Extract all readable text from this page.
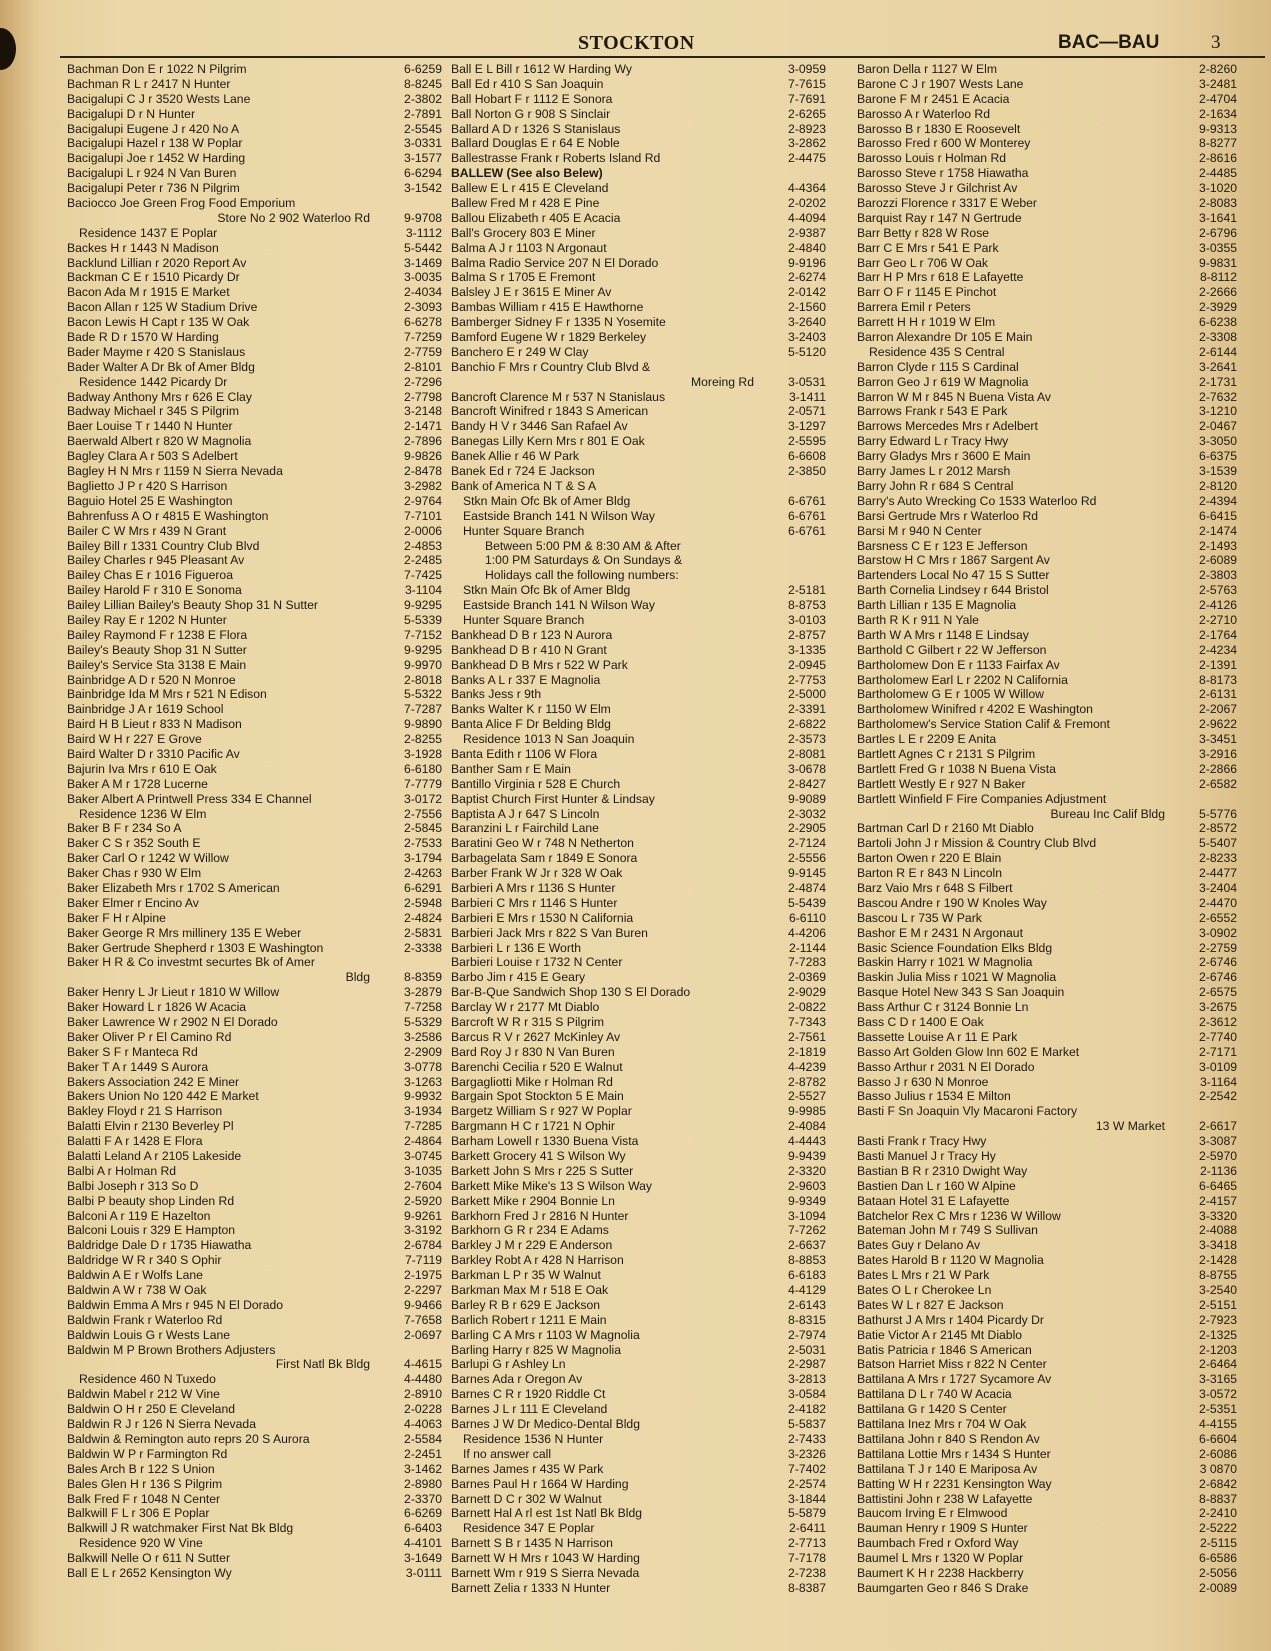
STOCKTON	BAC—BAU	3
Bachman Don E r 1022 N Pilgrim	6-6259
Bachman R L r 2417 N Hunter	8-8245
Bacigalupi C J r 3520 Wests Lane	2-3802
Bacigalupi D r N Hunter	2-7891
Bacigalupi Eugene J r 420 No A	2-5545
Bacigalupi Hazel r 138 W Poplar	3-0331
Bacigalupi Joe r 1452 W Harding	3-1577
Bacigalupi L r 924 N Van Buren	6-6294
Bacigalupi Peter r 736 N Pilgrim	3-1542
Baciocco Joe Green Frog Food Emporium
Store No 2 902 Waterloo Rd	9-9708
Residence 1437 E Poplar	3-1112
Backes H r 1443 N Madison	5-5442
Backlund Lillian r 2020 Report Av	3-1469
Backman C E r 1510 Picardy Dr	3-0035
Bacon Ada M r 1915 E Market	2-4034
Bacon Allan r 125 W Stadium Drive	2-3093
Bacon Lewis H Capt r 135 W Oak	6-6278
Bade R D r 1570 W Harding	7-7259
Bader Mayme r 420 S Stanislaus	2-7759
Bader Walter A Dr Bk of Amer Bldg	2-8101
Residence 1442 Picardy Dr	2-7296
Badway Anthony Mrs r 626 E Clay	2-7798
Badway Michael r 345 S Pilgrim	3-2148
Baer Louise T r 1440 N Hunter	2-1471
Baerwald Albert r 820 W Magnolia	2-7896
Bagley Clara A r 503 S Adelbert	9-9826
Bagley H N Mrs r 1159 N Sierra Nevada	2-8478
Baglietto J P r 420 S Harrison	3-2982
Baguio Hotel 25 E Washington	2-9764
Bahrenfuss A O r 4815 E Washington	7-7101
Bailer C W Mrs r 439 N Grant	2-0006
Bailey Bill r 1331 Country Club Blvd	2-4853
Bailey Charles r 945 Pleasant Av	2-2485
Bailey Chas E r 1016 Figueroa	7-7425
Bailey Harold F r 310 E Sonoma	3-1104
Bailey Lillian Bailey's Beauty Shop 31 N Sutter	9-9295
Bailey Ray E r 1202 N Hunter	5-5339
Bailey Raymond F r 1238 E Flora	7-7152
Bailey's Beauty Shop 31 N Sutter	9-9295
Bailey's Service Sta 3138 E Main	9-9970
Bainbridge A D r 520 N Monroe	2-8018
Bainbridge Ida M Mrs r 521 N Edison	5-5322
Bainbridge J A r 1619 School	7-7287
Baird H B Lieut r 833 N Madison	9-9890
Baird W H r 227 E Grove	2-8255
Baird Walter D r 3310 Pacific Av	3-1928
Bajurin Iva Mrs r 610 E Oak	6-6180
Baker A M r 1728 Lucerne	7-7779
Baker Albert A Printwell Press 334 E Channel	3-0172
Residence 1236 W Elm	2-7556
Baker B F r 234 So A	2-5845
Baker C S r 352 South E	2-7533
Baker Carl O r 1242 W Willow	3-1794
Baker Chas r 930 W Elm	2-4263
Baker Elizabeth Mrs r 1702 S American	6-6291
Baker Elmer r Encino Av	2-5948
Baker F H r Alpine	2-4824
Baker George R Mrs millinery 135 E Weber	2-5831
Baker Gertrude Shepherd r 1303 E Washington	2-3338
Baker H R & Co investmt securtes Bk of Amer
Bldg	8-8359
Baker Henry L Jr Lieut r 1810 W Willow	3-2879
Baker Howard L r 1826 W Acacia	7-7258
Baker Lawrence W r 2902 N El Dorado	5-5329
Baker Oliver P r El Camino Rd	3-2586
Baker S F r Manteca Rd	2-2909
Baker T A r 1449 S Aurora	3-0778
Bakers Association 242 E Miner	3-1263
Bakers Union No 120 442 E Market	9-9932
Bakley Floyd r 21 S Harrison	3-1934
Balatti Elvin r 2130 Beverley Pl	7-7285
Balatti F A r 1428 E Flora	2-4864
Balatti Leland A r 2105 Lakeside	3-0745
Balbi A r Holman Rd	3-1035
Balbi Joseph r 313 So D	2-7604
Balbi P beauty shop Linden Rd	2-5920
Balconi A r 119 E Hazelton	9-9261
Balconi Louis r 329 E Hampton	3-3192
Baldridge Dale D r 1735 Hiawatha	2-6784
Baldridge W R r 340 S Ophir	7-7119
Baldwin A E r Wolfs Lane	2-1975
Baldwin A W r 738 W Oak	2-2297
Baldwin Emma A Mrs r 945 N El Dorado	9-9466
Baldwin Frank r Waterloo Rd	7-7658
Baldwin Louis G r Wests Lane	2-0697
Baldwin M P Brown Brothers Adjusters
First Natl Bk Bldg	4-4615
Residence 460 N Tuxedo	4-4480
Baldwin Mabel r 212 W Vine	2-8910
Baldwin O H r 250 E Cleveland	2-0228
Baldwin R J r 126 N Sierra Nevada	4-4063
Baldwin & Remington auto reprs 20 S Aurora	2-5584
Baldwin W P r Farmington Rd	2-2451
Bales Arch B r 122 S Union	3-1462
Bales Glen H r 136 S Pilgrim	2-8980
Balk Fred F r 1048 N Center	2-3370
Balkwill F L r 306 E Poplar	6-6269
Balkwill J R watchmaker First Nat Bk Bldg	6-6403
Residence 920 W Vine	4-4101
Balkwill Nelle O r 611 N Sutter	3-1649
Ball E L r 2652 Kensington Wy	3-0111
Ball E L Bill r 1612 W Harding Wy	3-0959
Ball Ed r 410 S San Joaquin	7-7615
Ball Hobart F r 1112 E Sonora	7-7691
Ball Norton G r 908 S Sinclair	2-6265
Ballard A D r 1326 S Stanislaus	2-8923
Ballard Douglas E r 64 E Noble	3-2862
Ballestrasse Frank r Roberts Island Rd	2-4475
BALLEW (See also Belew)
Ballew E L r 415 E Cleveland	4-4364
Ballew Fred M r 428 E Pine	2-0202
Ballou Elizabeth r 405 E Acacia	4-4094
Ball's Grocery 803 E Miner	2-9387
Balma A J r 1103 N Argonaut	2-4840
Balma Radio Service 207 N El Dorado	9-9196
Balma S r 1705 E Fremont	2-6274
Balsley J E r 3615 E Miner Av	2-0142
Bambas William r 415 E Hawthorne	2-1560
Bamberger Sidney F r 1335 N Yosemite	3-2640
Bamford Eugene W r 1829 Berkeley	3-2403
Banchero E r 249 W Clay	5-5120
Banchio F Mrs r Country Club Blvd &
Moreing Rd	3-0531
Bancroft Clarence M r 537 N Stanislaus	3-1411
Bancroft Winifred r 1843 S American	2-0571
Bandy H V r 3446 San Rafael Av	3-1297
Banegas Lilly Kern Mrs r 801 E Oak	2-5595
Banek Allie r 46 W Park	6-6608
Banek Ed r 724 E Jackson	2-3850
Bank of America N T & S A
Stkn Main Ofc Bk of Amer Bldg	6-6761
Eastside Branch 141 N Wilson Way	6-6761
Hunter Square Branch	6-6761
Between 5:00 PM & 8:30 AM & After
1:00 PM Saturdays & On Sundays &
Holidays call the following numbers:
Stkn Main Ofc Bk of Amer Bldg	2-5181
Eastside Branch 141 N Wilson Way	8-8753
Hunter Square Branch	3-0103
Bankhead D B r 123 N Aurora	2-8757
Bankhead D B r 410 N Grant	3-1335
Bankhead D B Mrs r 522 W Park	2-0945
Banks A L r 337 E Magnolia	2-7753
Banks Jess r 9th	2-5000
Banks Walter K r 1150 W Elm	2-3391
Banta Alice F Dr Belding Bldg	2-6822
Residence 1013 N San Joaquin	2-3573
Banta Edith r 1106 W Flora	2-8081
Banther Sam r E Main	3-0678
Bantillo Virginia r 528 E Church	2-8427
Baptist Church First Hunter & Lindsay	9-9089
Baptista A J r 647 S Lincoln	2-3032
Baranzini L r Fairchild Lane	2-2905
Baratini Geo W r 748 N Netherton	2-7124
Barbagelata Sam r 1849 E Sonora	2-5556
Barber Frank W Jr r 328 W Oak	9-9145
Barbieri A Mrs r 1136 S Hunter	2-4874
Barbieri C Mrs r 1146 S Hunter	5-5439
Barbieri E Mrs r 1530 N California	6-6110
Barbieri Jack Mrs r 822 S Van Buren	4-4206
Barbieri L r 136 E Worth	2-1144
Barbieri Louise r 1732 N Center	7-7283
Barbo Jim r 415 E Geary	2-0369
Bar-B-Que Sandwich Shop 130 S El Dorado	2-9029
Barclay W r 2177 Mt Diablo	2-0822
Barcroft W R r 315 S Pilgrim	7-7343
Barcus R V r 2627 McKinley Av	2-7561
Bard Roy J r 830 N Van Buren	2-1819
Barenchi Cecilia r 520 E Walnut	4-4239
Bargagliotti Mike r Holman Rd	2-8782
Bargain Spot Stockton 5 E Main	2-5527
Bargetz William S r 927 W Poplar	9-9985
Bargmann H C r 1721 N Ophir	2-4084
Barham Lowell r 1330 Buena Vista	4-4443
Barkett Grocery 41 S Wilson Wy	9-9439
Barkett John S Mrs r 225 S Sutter	2-3320
Barkett Mike Mike's 13 S Wilson Way	2-9603
Barkett Mike r 2904 Bonnie Ln	9-9349
Barkhorn Fred J r 2816 N Hunter	3-1094
Barkhorn G R r 234 E Adams	7-7262
Barkley J M r 229 E Anderson	2-6637
Barkley Robt A r 428 N Harrison	8-8853
Barkman L P r 35 W Walnut	6-6183
Barkman Max M r 518 E Oak	4-4129
Barley R B r 629 E Jackson	2-6143
Barlich Robert r 1211 E Main	8-8315
Barling C A Mrs r 1103 W Magnolia	2-7974
Barling Harry r 825 W Magnolia	2-5031
Barlupi G r Ashley Ln	2-2987
Barnes Ada r Oregon Av	3-2813
Barnes C R r 1920 Riddle Ct	3-0584
Barnes J L r 111 E Cleveland	2-4182
Barnes J W Dr Medico-Dental Bldg	5-5837
Residence 1536 N Hunter	2-7433
If no answer call	3-2326
Barnes James r 435 W Park	7-7402
Barnes Paul H r 1664 W Harding	2-2574
Barnett D C r 302 W Walnut	3-1844
Barnett Hal A rl est 1st Natl Bk Bldg	5-5879
Residence 347 E Poplar	2-6411
Barnett S B r 1435 N Harrison	2-7713
Barnett W H Mrs r 1043 W Harding	7-7178
Barnett Wm r 919 S Sierra Nevada	2-7238
Barnett Zelia r 1333 N Hunter	8-8387
Baron Della r 1127 W Elm	2-8260
Barone C J r 1907 Wests Lane	3-2481
Barone F M r 2451 E Acacia	2-4704
Barosso A r Waterloo Rd	2-1634
Barosso B r 1830 E Roosevelt	9-9313
Barosso Fred r 600 W Monterey	8-8277
Barosso Louis r Holman Rd	2-8616
Barosso Steve r 1758 Hiawatha	2-4485
Barosso Steve J r Gilchrist Av	3-1020
Barozzi Florence r 3317 E Weber	2-8083
Barquist Ray r 147 N Gertrude	3-1641
Barr Betty r 828 W Rose	2-6796
Barr C E Mrs r 541 E Park	3-0355
Barr Geo L r 706 W Oak	9-9831
Barr H P Mrs r 618 E Lafayette	8-8112
Barr O F r 1145 E Pinchot	2-2666
Barrera Emil r Peters	2-3929
Barrett H H r 1019 W Elm	6-6238
Barron Alexandre Dr 105 E Main	2-3308
Residence 435 S Central	2-6144
Barron Clyde r 115 S Cardinal	3-2641
Barron Geo J r 619 W Magnolia	2-1731
Barron W M r 845 N Buena Vista Av	2-7632
Barrows Frank r 543 E Park	3-1210
Barrows Mercedes Mrs r Adelbert	2-0467
Barry Edward L r Tracy Hwy	3-3050
Barry Gladys Mrs r 3600 E Main	6-6375
Barry James L r 2012 Marsh	3-1539
Barry John R r 684 S Central	2-8120
Barry's Auto Wrecking Co 1533 Waterloo Rd	2-4394
Barsi Gertrude Mrs r Waterloo Rd	6-6415
Barsi M r 940 N Center	2-1474
Barsness C E r 123 E Jefferson	2-1493
Barstow H C Mrs r 1867 Sargent Av	2-6089
Bartenders Local No 47 15 S Sutter	2-3803
Barth Cornelia Lindsey r 644 Bristol	2-5763
Barth Lillian r 135 E Magnolia	2-4126
Barth R K r 911 N Yale	2-2710
Barth W A Mrs r 1148 E Lindsay	2-1764
Barthold C Gilbert r 22 W Jefferson	2-4234
Bartholomew Don E r 1133 Fairfax Av	2-1391
Bartholomew Earl L r 2202 N California	8-8173
Bartholomew G E r 1005 W Willow	2-6131
Bartholomew Winifred r 4202 E Washington	2-2067
Bartholomew's Service Station Calif & Fremont	2-9622
Bartles L E r 2209 E Anita	3-3451
Bartlett Agnes C r 2131 S Pilgrim	3-2916
Bartlett Fred G r 1038 N Buena Vista	2-2866
Bartlett Westly E r 927 N Baker	2-6582
Bartlett Winfield F Fire Companies Adjustment
Bureau Inc Calif Bldg	5-5776
Bartman Carl D r 2160 Mt Diablo	2-8572
Bartoli John J r Mission & Country Club Blvd	5-5407
Barton Owen r 220 E Blain	2-8233
Barton R E r 843 N Lincoln	2-4477
Barz Vaio Mrs r 648 S Filbert	3-2404
Bascou Andre r 190 W Knoles Way	2-4470
Bascou L r 735 W Park	2-6552
Bashor E M r 2431 N Argonaut	3-0902
Basic Science Foundation Elks Bldg	2-2759
Baskin Harry r 1021 W Magnolia	2-6746
Baskin Julia Miss r 1021 W Magnolia	2-6746
Basque Hotel New 343 S San Joaquin	2-6575
Bass Arthur C r 3124 Bonnie Ln	3-2675
Bass C D r 1400 E Oak	2-3612
Bassette Louise A r 11 E Park	2-7740
Basso Art Golden Glow Inn 602 E Market	2-7171
Basso Arthur r 2031 N El Dorado	3-0109
Basso J r 630 N Monroe	3-1164
Basso Julius r 1534 E Milton	2-2542
Basti F Sn Joaquin Vly Macaroni Factory
13 W Market	2-6617
Basti Frank r Tracy Hwy	3-3087
Basti Manuel J r Tracy Hy	2-5970
Bastian B R r 2310 Dwight Way	2-1136
Bastien Dan L r 160 W Alpine	6-6465
Bataan Hotel 31 E Lafayette	2-4157
Batchelor Rex C Mrs r 1236 W Willow	3-3320
Bateman John M r 749 S Sullivan	2-4088
Bates Guy r Delano Av	3-3418
Bates Harold B r 1120 W Magnolia	2-1428
Bates L Mrs r 21 W Park	8-8755
Bates O L r Cherokee Ln	3-2540
Bates W L r 827 E Jackson	2-5151
Bathurst J A Mrs r 1404 Picardy Dr	2-7923
Batie Victor A r 2145 Mt Diablo	2-1325
Batis Patricia r 1846 S American	2-1203
Batson Harriet Miss r 822 N Center	2-6464
Battilana A Mrs r 1727 Sycamore Av	3-3165
Battilana D L r 740 W Acacia	3-0572
Battilana G r 1420 S Center	2-5351
Battilana Inez Mrs r 704 W Oak	4-4155
Battilana John r 840 S Rendon Av	6-6604
Battilana Lottie Mrs r 1434 S Hunter	2-6086
Battilana T J r 140 E Mariposa Av	3 0870
Batting W H r 2231 Kensington Way	2-6842
Battistini John r 238 W Lafayette	8-8837
Baucom Irving E r Elmwood	2-2410
Bauman Henry r 1909 S Hunter	2-5222
Baumbach Fred r Oxford Way	2-5115
Baumel L Mrs r 1320 W Poplar	6-6586
Baumert K H r 2238 Hackberry	2-5056
Baumgarten Geo r 846 S Drake	2-0089
